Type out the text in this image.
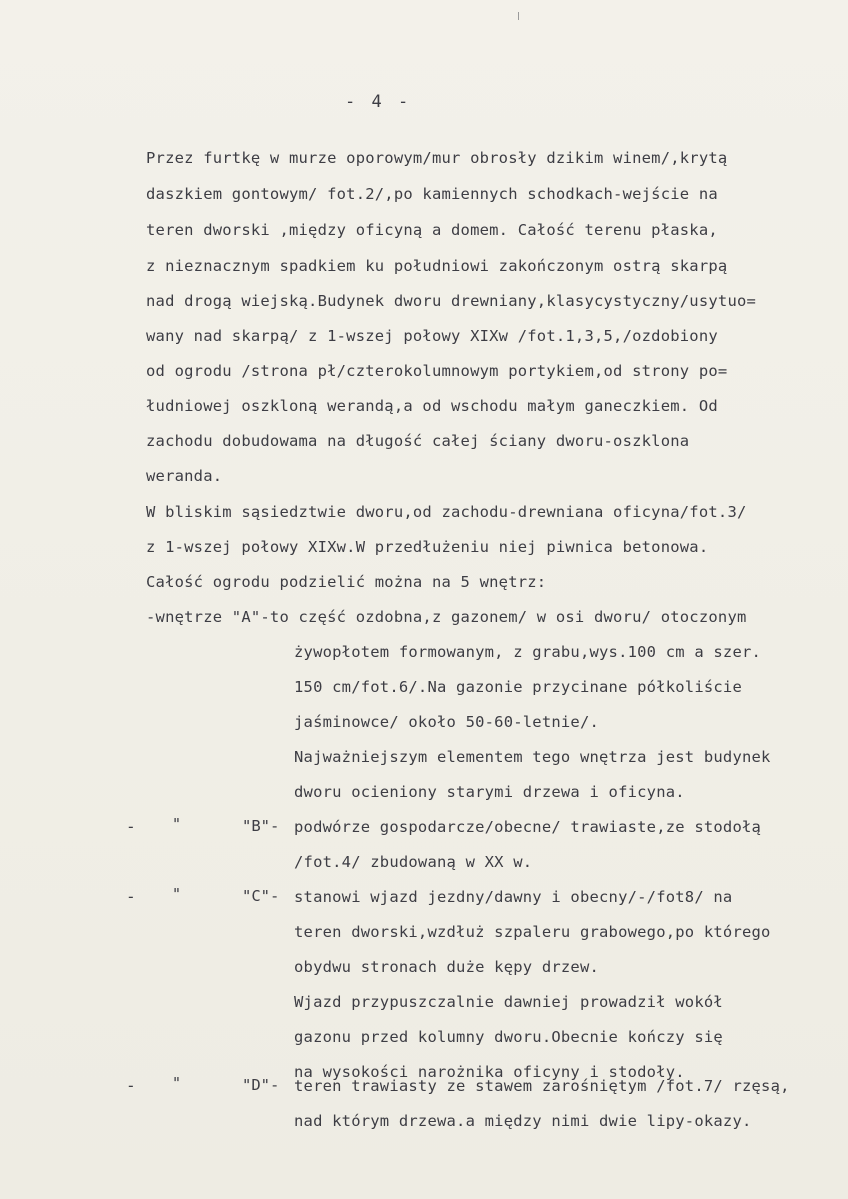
- 4 -
Przez furtkę w murze oporowym/mur obrosły dzikim winem/,krytą
daszkiem gontowym/ fot.2/,po kamiennych schodkach-wejście na
teren dworski ,między oficyną a domem. Całość terenu płaska,
z nieznacznym spadkiem ku południowi zakończonym ostrą skarpą
nad drogą wiejską.Budynek dworu drewniany,klasycystyczny/usytuo=
wany nad skarpą/ z 1-wszej połowy XIXw /fot.1,3,5,/ozdobiony
od ogrodu /strona pł/czterokolumnowym portykiem,od strony po=
łudniowej oszkloną werandą,a od wschodu małym ganeczkiem. Od
zachodu dobudowama na długość całej ściany dworu-oszklona
weranda.
W bliskim sąsiedztwie dworu,od zachodu-drewniana oficyna/fot.3/
z 1-wszej połowy XIXw.W przedłużeniu niej piwnica betonowa.
Całość ogrodu podzielić można na 5 wnętrz:
-wnętrze "A"-to część ozdobna,z gazonem/ w osi dworu/ otoczonym
żywopłotem formowanym, z grabu,wys.100 cm a szer.
150 cm/fot.6/.Na gazonie przycinane półkoliście
jaśminowce/ około 50-60-letnie/.
Najważniejszym elementem tego wnętrza jest budynek
dworu ocieniony starymi drzewa i oficyna.
- "	"B"- podwórze gospodarcze/obecne/ trawiaste,ze stodołą
/fot.4/ zbudowaną w XX w.
- "	"C"- stanowi wjazd jezdny/dawny i obecny/-/fot8/ na
teren dworski,wzdłuż szpaleru grabowego,po którego
obydwu stronach duże kępy drzew.
Wjazd przypuszczalnie dawniej prowadził wokół
gazonu przed kolumny dworu.Obecnie kończy się
na wysokości narożnika oficyny i stodoły.
- "	"D"- teren trawiasty ze stawem zarośniętym /fot.7/ rzęsą,
nad którym drzewa.a między nimi dwie lipy-okazy.
